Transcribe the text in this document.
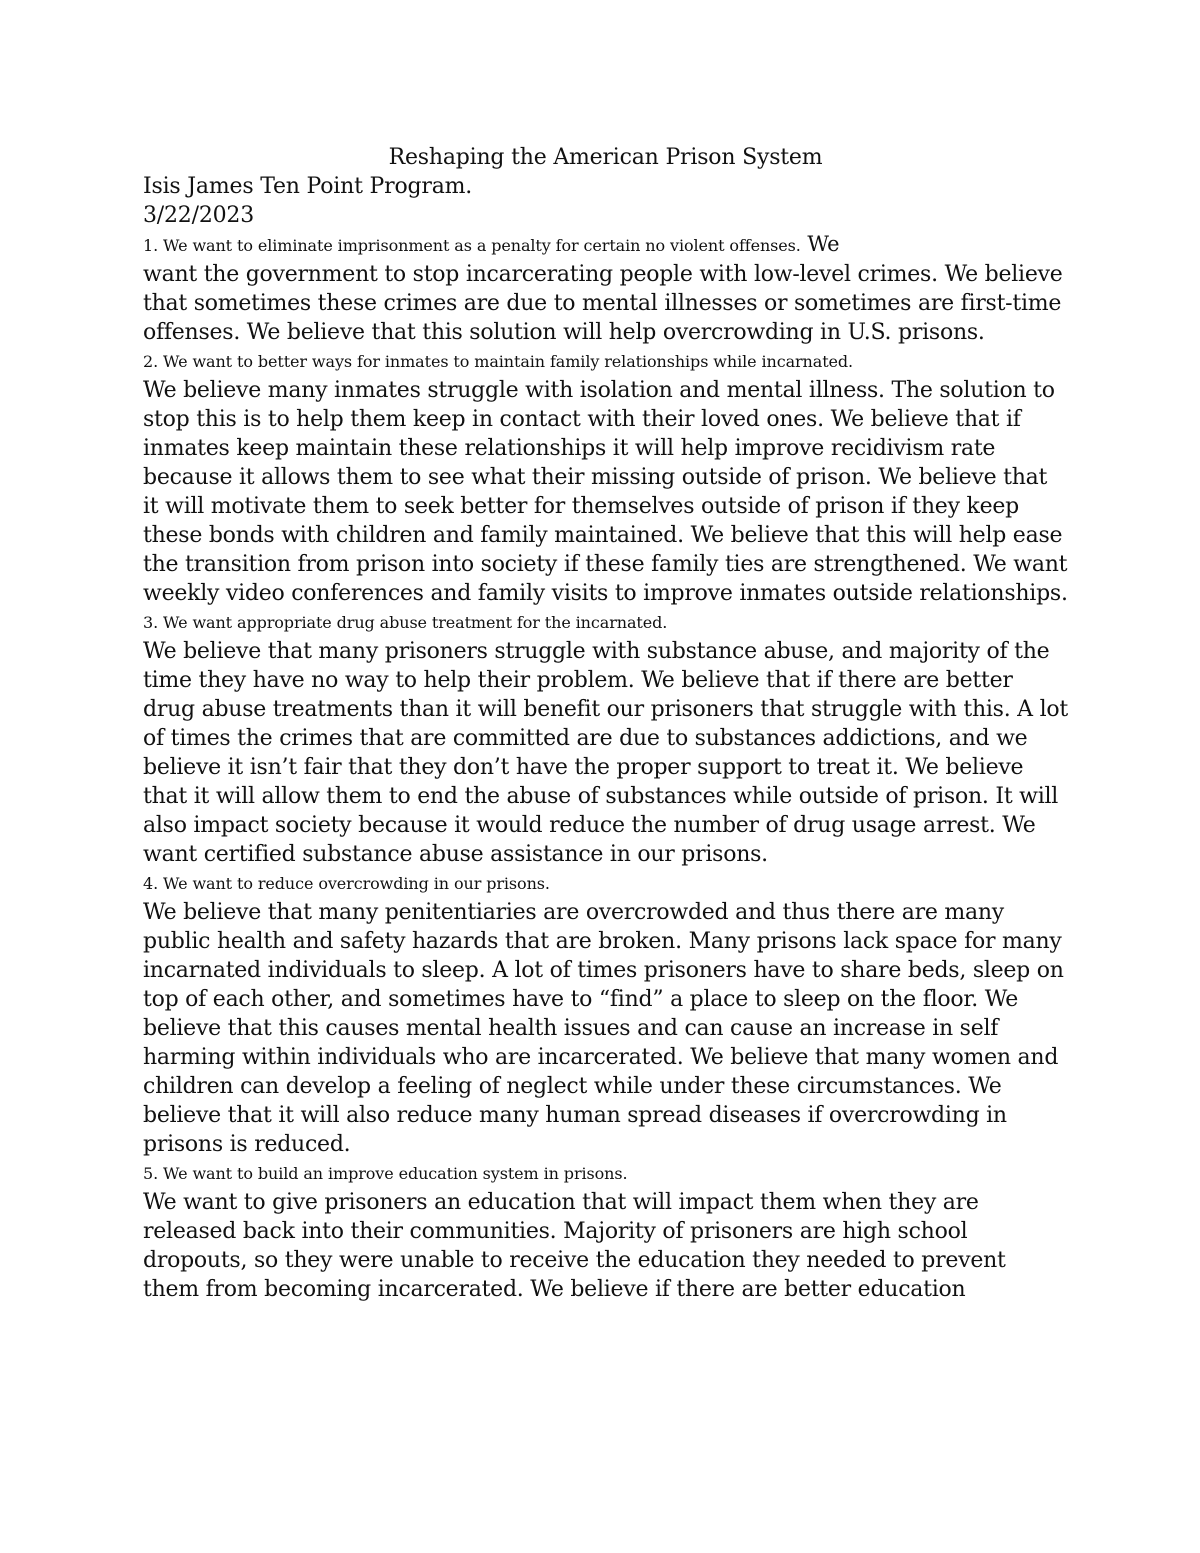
Reshaping the American Prison System

Isis James Ten Point Program.

3/22/2023

1. We want to eliminate imprisonment as a penalty for certain no violent offenses. We

want the government to stop incarcerating people with low-level crimes. We believe that sometimes these crimes are due to mental illnesses or sometimes are first-time offenses. We believe that this solution will help overcrowding in U.S. prisons.

2. We want to better ways for inmates to maintain family relationships while incarnated.

We believe many inmates struggle with isolation and mental illness. The solution to stop this is to help them keep in contact with their loved ones. We believe that if inmates keep maintain these relationships it will help improve recidivism rate because it allows them to see what their missing outside of prison. We believe that it will motivate them to seek better for themselves outside of prison if they keep these bonds with children and family maintained. We believe that this will help ease the transition from prison into society if these family ties are strengthened. We want weekly video conferences and family visits to improve inmates outside relationships.

3. We want appropriate drug abuse treatment for the incarnated.

We believe that many prisoners struggle with substance abuse, and majority of the time they have no way to help their problem. We believe that if there are better drug abuse treatments than it will benefit our prisoners that struggle with this. A lot of times the crimes that are committed are due to substances addictions, and we believe it isn’t fair that they don’t have the proper support to treat it. We believe that it will allow them to end the abuse of substances while outside of prison. It will also impact society because it would reduce the number of drug usage arrest. We want certified substance abuse assistance in our prisons.

4. We want to reduce overcrowding in our prisons.

We believe that many penitentiaries are overcrowded and thus there are many public health and safety hazards that are broken. Many prisons lack space for many incarnated individuals to sleep. A lot of times prisoners have to share beds, sleep on top of each other, and sometimes have to “find” a place to sleep on the floor. We believe that this causes mental health issues and can cause an increase in self harming within individuals who are incarcerated. We believe that many women and children can develop a feeling of neglect while under these circumstances. We believe that it will also reduce many human spread diseases if overcrowding in prisons is reduced.

5. We want to build an improve education system in prisons.

We want to give prisoners an education that will impact them when they are released back into their communities. Majority of prisoners are high school dropouts, so they were unable to receive the education they needed to prevent them from becoming incarcerated. We believe if there are better education
